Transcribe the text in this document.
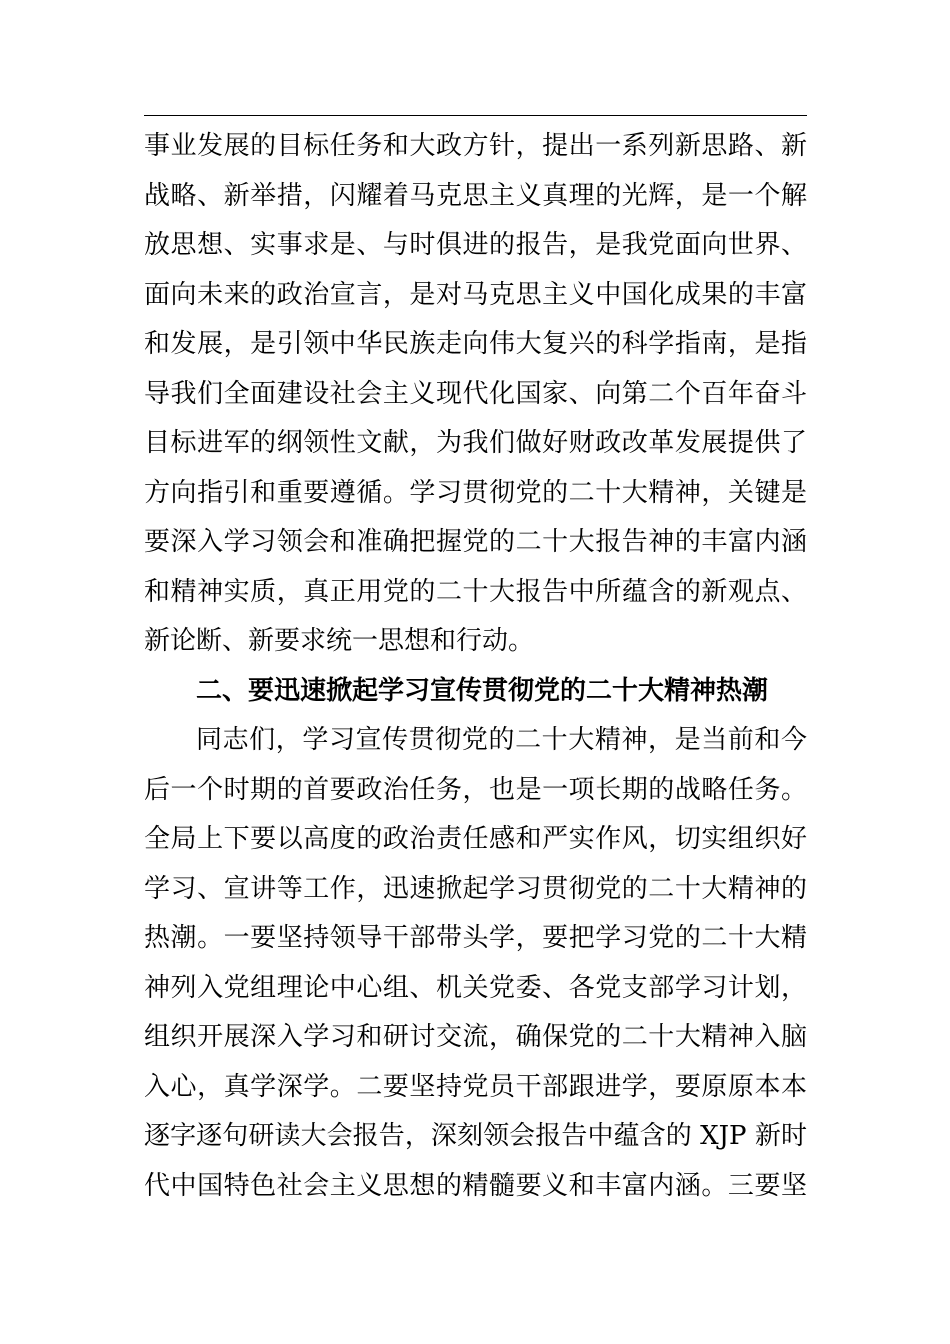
事业发展的目标任务和大政方针，提出一系列新思路、新
战略、新举措，闪耀着马克思主义真理的光辉，是一个解
放思想、实事求是、与时俱进的报告，是我党面向世界、
面向未来的政治宣言，是对马克思主义中国化成果的丰富
和发展，是引领中华民族走向伟大复兴的科学指南，是指
导我们全面建设社会主义现代化国家、向第二个百年奋斗
目标进军的纲领性文献，为我们做好财政改革发展提供了
方向指引和重要遵循。学习贯彻党的二十大精神，关键是
要深入学习领会和准确把握党的二十大报告神的丰富内涵
和精神实质，真正用党的二十大报告中所蕴含的新观点、
新论断、新要求统一思想和行动。
二、要迅速掀起学习宣传贯彻党的二十大精神热潮
同志们，学习宣传贯彻党的二十大精神，是当前和今
后一个时期的首要政治任务，也是一项长期的战略任务。
全局上下要以高度的政治责任感和严实作风，切实组织好
学习、宣讲等工作，迅速掀起学习贯彻党的二十大精神的
热潮。一要坚持领导干部带头学，要把学习党的二十大精
神列入党组理论中心组、机关党委、各党支部学习计划，
组织开展深入学习和研讨交流，确保党的二十大精神入脑
入心，真学深学。二要坚持党员干部跟进学，要原原本本
逐字逐句研读大会报告，深刻领会报告中蕴含的 XJP 新时
代中国特色社会主义思想的精髓要义和丰富内涵。三要坚
